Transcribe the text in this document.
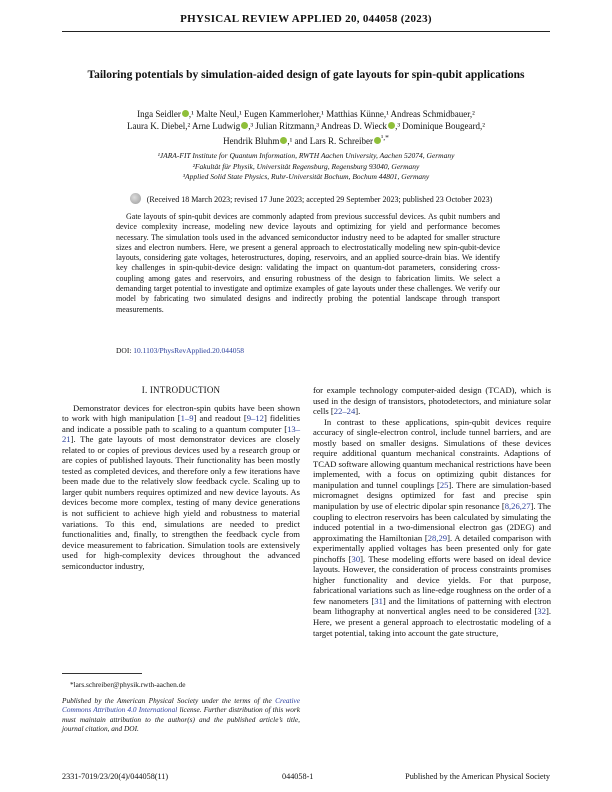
PHYSICAL REVIEW APPLIED 20, 044058 (2023)
Tailoring potentials by simulation-aided design of gate layouts for spin-qubit applications
Inga Seidler ,¹ Malte Neul,¹ Eugen Kammerloher,¹ Matthias Künne,¹ Andreas Schmidbauer,²
Laura K. Diebel,² Arne Ludwig ,³ Julian Ritzmann,³ Andreas D. Wieck ,³ Dominique Bougeard,²
Hendrik Bluhm ,¹ and Lars R. Schreiber $^{^1,*}$
¹JARA-FIT Institute for Quantum Information, RWTH Aachen University, Aachen 52074, Germany
²Fakultät für Physik, Universität Regensburg, Regensburg 93040, Germany
³Applied Solid State Physics, Ruhr-Universität Bochum, Bochum 44801, Germany
(Received 18 March 2023; revised 17 June 2023; accepted 29 September 2023; published 23 October 2023)
Gate layouts of spin-qubit devices are commonly adapted from previous successful devices. As qubit numbers and device complexity increase, modeling new device layouts and optimizing for yield and performance becomes necessary. The simulation tools used in the advanced semiconductor industry need to be adapted for smaller structure sizes and electron numbers. Here, we present a general approach to electrostatically modeling new spin-qubit-device layouts, considering gate voltages, heterostructures, doping, reservoirs, and an applied source-drain bias. We identify key challenges in spin-qubit-device design: validating the impact on quantum-dot parameters, considering cross-coupling among gates and reservoirs, and ensuring robustness of the design to fabrication limits. We select a demanding target potential to investigate and optimize examples of gate layouts under these challenges. We verify our model by fabricating two simulated designs and indirectly probing the potential landscape through transport measurements.
DOI: 10.1103/PhysRevApplied.20.044058
I. INTRODUCTION

Demonstrator devices for electron-spin qubits have been shown to work with high manipulation [1–9] and readout [9–12] fidelities and indicate a possible path to scaling to a quantum computer [13–21]. The gate layouts of most demonstrator devices are closely related to or copies of previous devices used by a research group or are copies of published layouts. Their functionality has been mostly tested as completed devices, and therefore only a few iterations have been made due to the relatively slow feedback cycle. Scaling up to larger qubit numbers requires optimized and new device layouts. As devices become more complex, testing of many device generations is not sufficient to achieve high yield and robustness to material variations. To this end, simulations are needed to predict functionalities and, finally, to strengthen the feedback cycle from device measurement to fabrication. Simulation tools are extensively used for high-complexity devices throughout the advanced semiconductor industry,

for example technology computer-aided design (TCAD), which is used in the design of transistors, photodetectors, and miniature solar cells [22–24].

In contrast to these applications, spin-qubit devices require accuracy of single-electron control, include tunnel barriers, and are mostly based on smaller designs. Simulations of these devices require additional quantum mechanical constraints. Adaptions of TCAD software allowing quantum mechanical restrictions have been implemented, with a focus on optimizing qubit distances for manipulation and tunnel couplings [25]. There are simulation-based micromagnet designs optimized for fast and precise spin manipulation by use of electric dipolar spin resonance [8,26,27]. The coupling to electron reservoirs has been calculated by simulating the induced potential in a two-dimensional electron gas (2DEG) and approximating the Hamiltonian [28,29]. A detailed comparison with experimentally applied voltages has been presented only for gate pinchoffs [30]. These modeling efforts were based on ideal device layouts. However, the consideration of process constraints promises higher functionality and device yields. For that purpose, fabricational variations such as line-edge roughness on the order of a few nanometers [31] and the limitations of patterning with electron beam lithography at nonvertical angles need to be considered [32]. Here, we present a general approach to electrostatic modeling of a target potential, taking into account the gate structure,

*lars.schreiber@physik.rwth-aachen.de
Published by the American Physical Society under the terms of the Creative Commons Attribution 4.0 International license. Further distribution of this work must maintain attribution to the author(s) and the published article’s title, journal citation, and DOI.
2331-7019/23/20(4)/044058(11)	044058-1	Published by the American Physical Society
